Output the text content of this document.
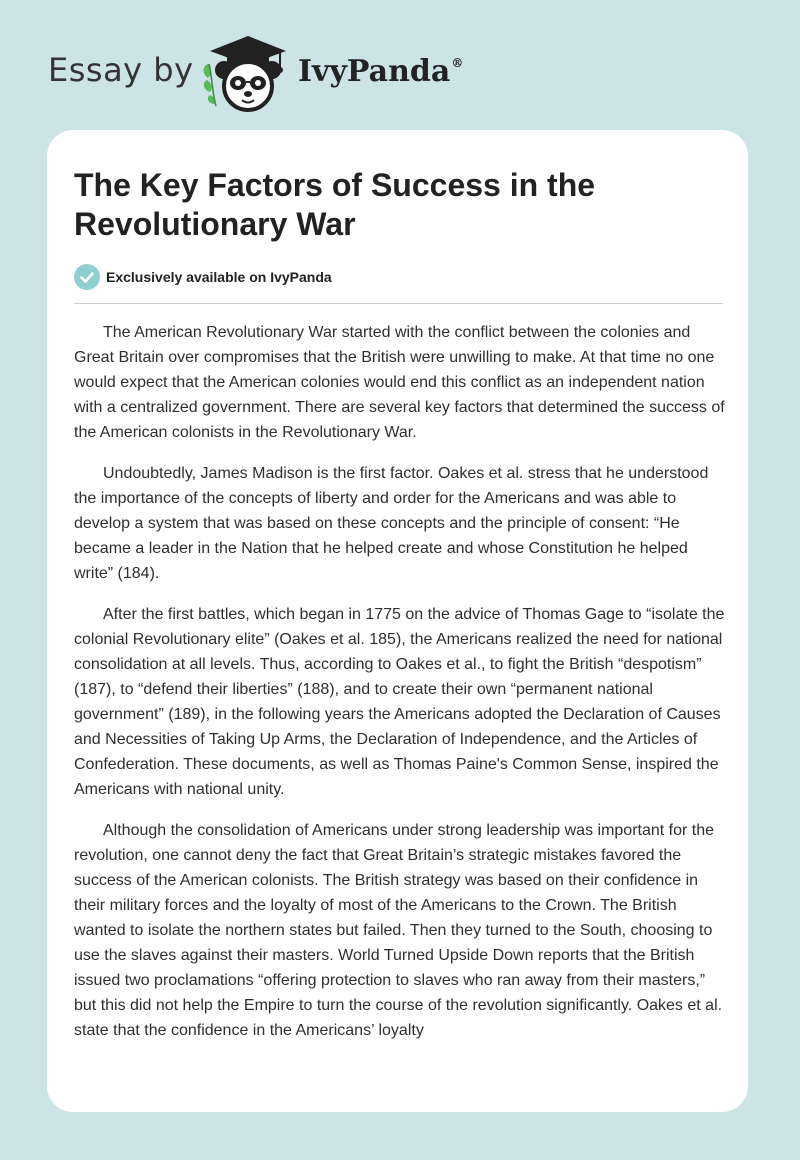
Essay by	IvyPanda®
The Key Factors of Success in the Revolutionary War
Exclusively available on IvyPanda

The American Revolutionary War started with the conflict between the colonies and Great Britain over compromises that the British were unwilling to make. At that time no one would expect that the American colonies would end this conflict as an independent nation with a centralized government. There are several key factors that determined the success of the American colonists in the Revolutionary War.

Undoubtedly, James Madison is the first factor. Oakes et al. stress that he understood the importance of the concepts of liberty and order for the Americans and was able to develop a system that was based on these concepts and the principle of consent: “He became a leader in the Nation that he helped create and whose Constitution he helped write” (184).

After the first battles, which began in 1775 on the advice of Thomas Gage to “isolate the colonial Revolutionary elite” (Oakes et al. 185), the Americans realized the need for national consolidation at all levels. Thus, according to Oakes et al., to fight the British “despotism” (187), to “defend their liberties” (188), and to create their own “permanent national government” (189), in the following years the Americans adopted the Declaration of Causes and Necessities of Taking Up Arms, the Declaration of Independence, and the Articles of Confederation. These documents, as well as Thomas Paine's Common Sense, inspired the Americans with national unity.

Although the consolidation of Americans under strong leadership was important for the revolution, one cannot deny the fact that Great Britain’s strategic mistakes favored the success of the American colonists. The British strategy was based on their confidence in their military forces and the loyalty of most of the Americans to the Crown. The British wanted to isolate the northern states but failed. Then they turned to the South, choosing to use the slaves against their masters. World Turned Upside Down reports that the British issued two proclamations “offering protection to slaves who ran away from their masters,” but this did not help the Empire to turn the course of the revolution significantly. Oakes et al. state that the confidence in the Americans’ loyalty
